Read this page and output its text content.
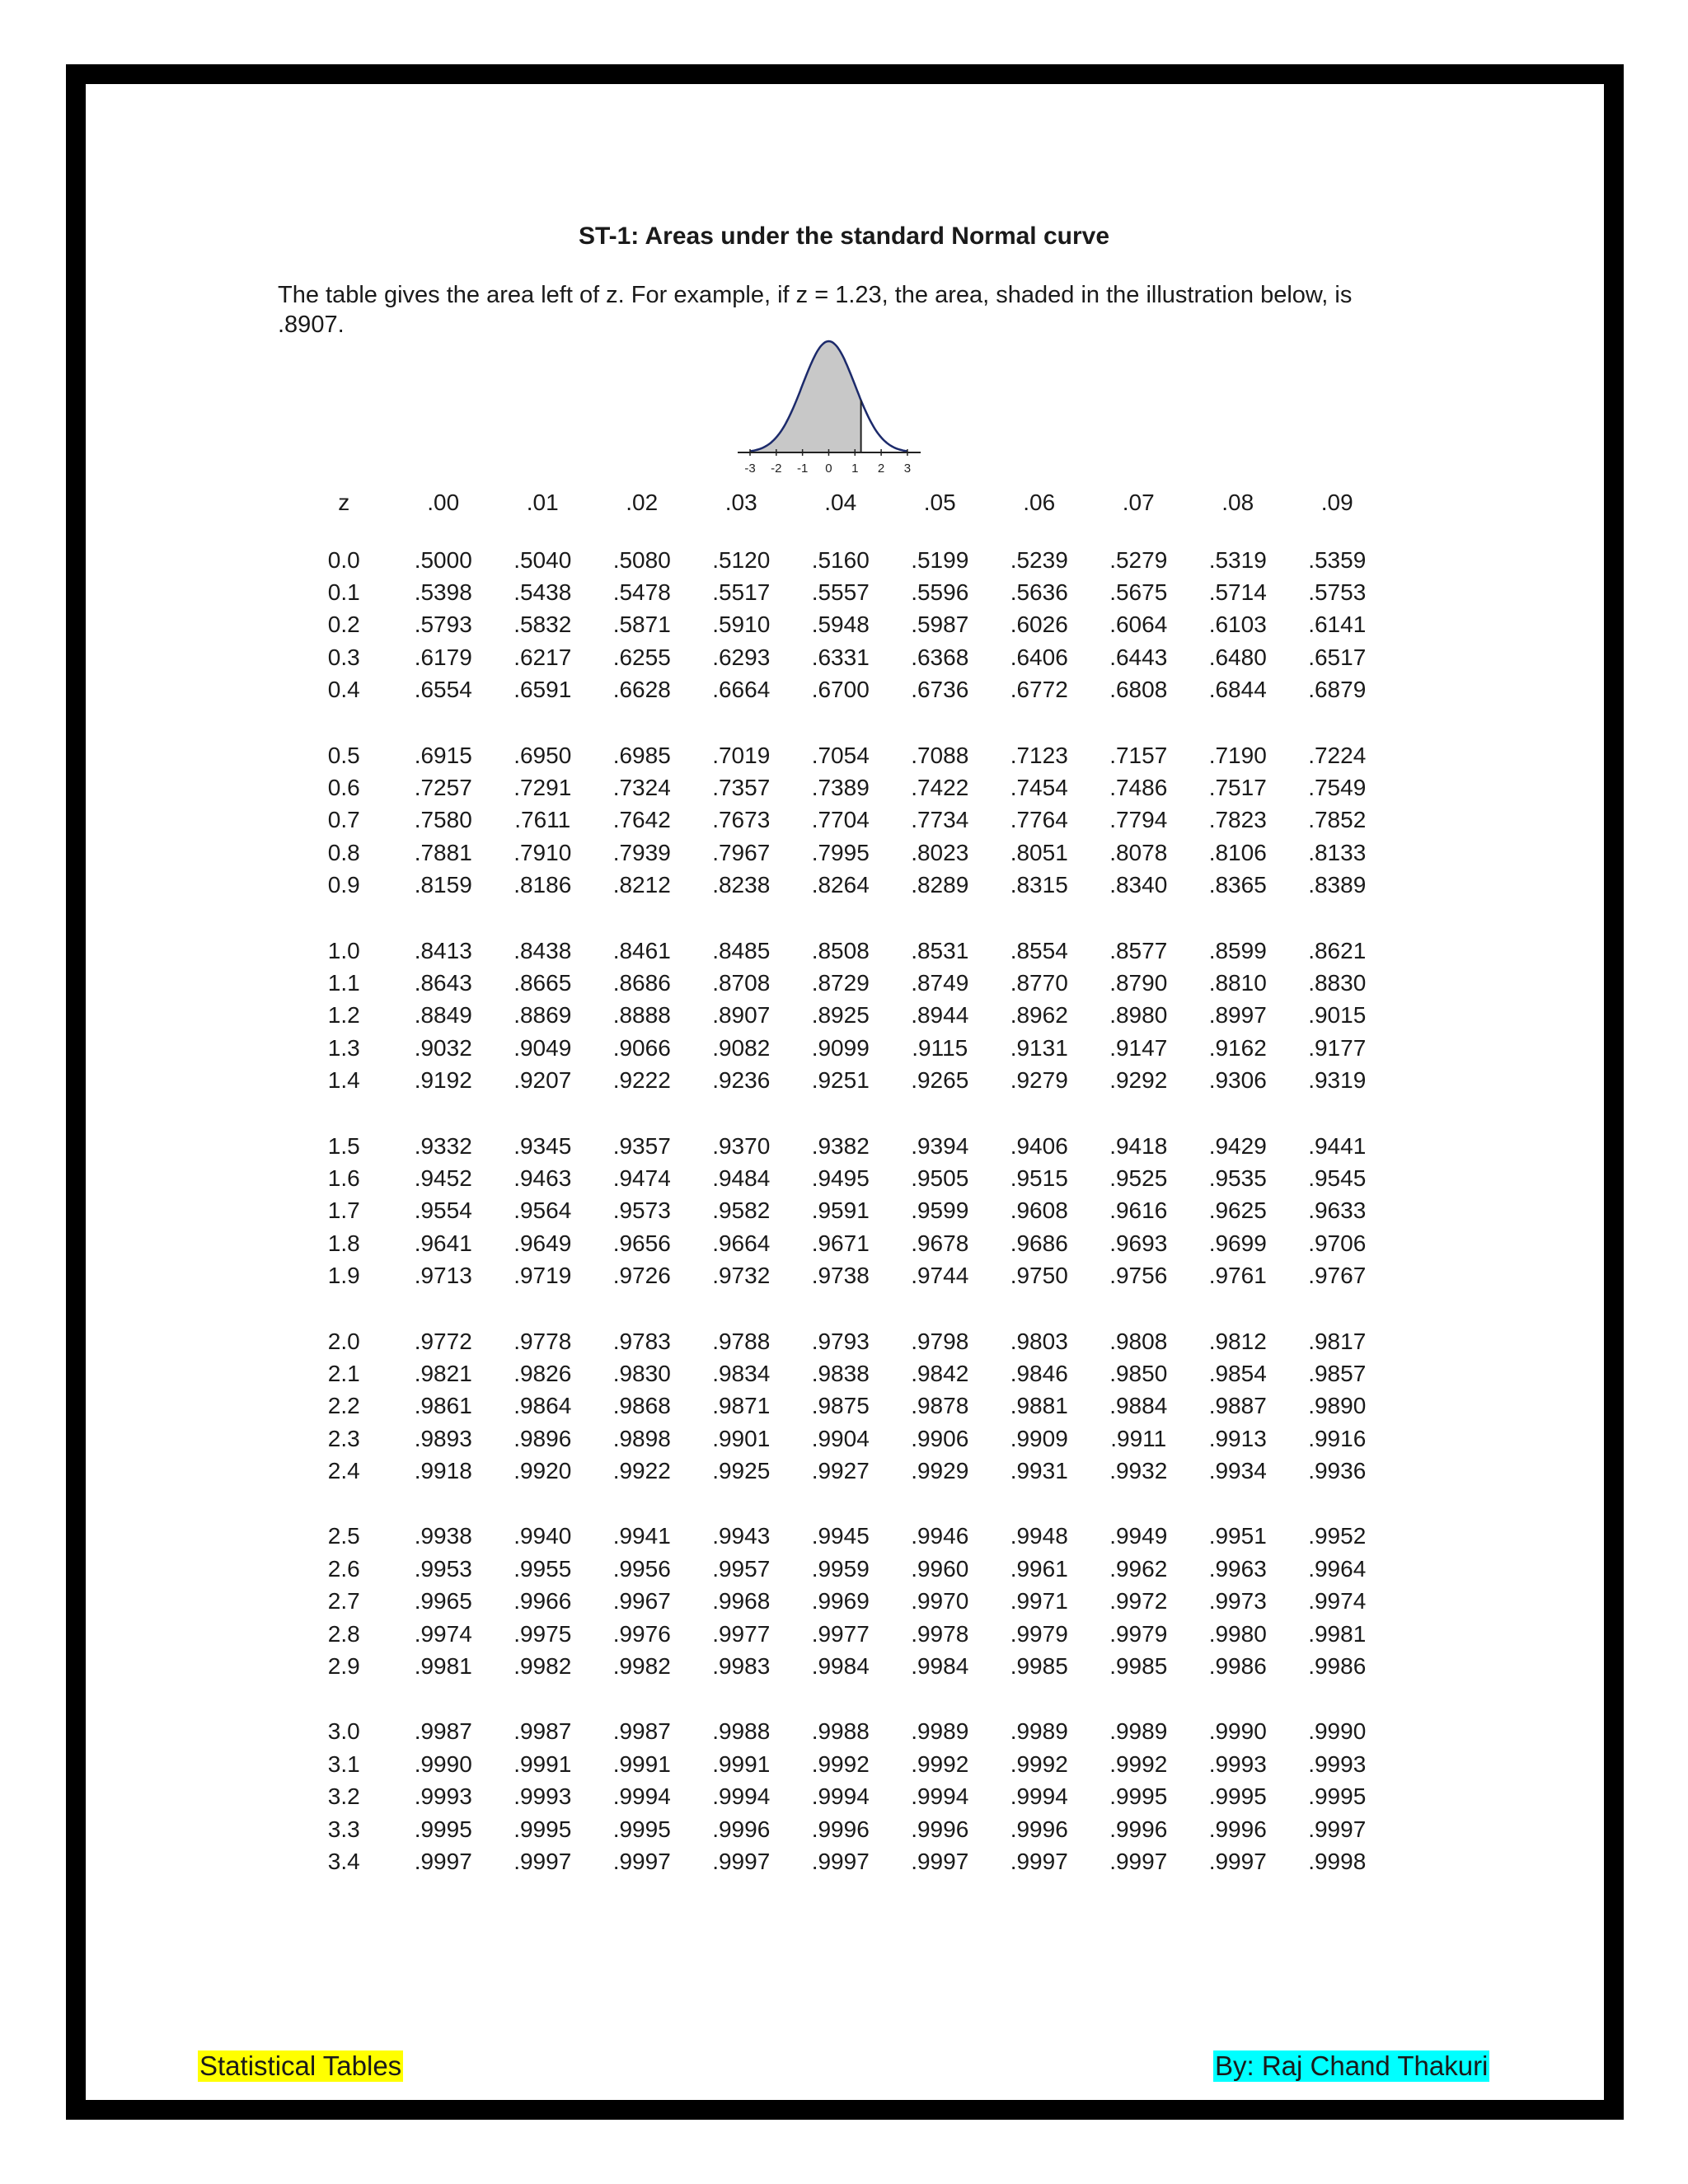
ST-1: Areas under the standard Normal curve
The table gives the area left of z. For example, if z = 1.23, the area, shaded in the illustration below, is .8907.
-3 -2 -1 0 1 2 3
z	.00	.01	.02	.03	.04	.05	.06	.07	.08	.09

0.0	.5000	.5040	.5080	.5120	.5160	.5199	.5239	.5279	.5319	.5359
0.1	.5398	.5438	.5478	.5517	.5557	.5596	.5636	.5675	.5714	.5753
0.2	.5793	.5832	.5871	.5910	.5948	.5987	.6026	.6064	.6103	.6141
0.3	.6179	.6217	.6255	.6293	.6331	.6368	.6406	.6443	.6480	.6517
0.4	.6554	.6591	.6628	.6664	.6700	.6736	.6772	.6808	.6844	.6879

0.5	.6915	.6950	.6985	.7019	.7054	.7088	.7123	.7157	.7190	.7224
0.6	.7257	.7291	.7324	.7357	.7389	.7422	.7454	.7486	.7517	.7549
0.7	.7580	.7611	.7642	.7673	.7704	.7734	.7764	.7794	.7823	.7852
0.8	.7881	.7910	.7939	.7967	.7995	.8023	.8051	.8078	.8106	.8133
0.9	.8159	.8186	.8212	.8238	.8264	.8289	.8315	.8340	.8365	.8389

1.0	.8413	.8438	.8461	.8485	.8508	.8531	.8554	.8577	.8599	.8621
1.1	.8643	.8665	.8686	.8708	.8729	.8749	.8770	.8790	.8810	.8830
1.2	.8849	.8869	.8888	.8907	.8925	.8944	.8962	.8980	.8997	.9015
1.3	.9032	.9049	.9066	.9082	.9099	.9115	.9131	.9147	.9162	.9177
1.4	.9192	.9207	.9222	.9236	.9251	.9265	.9279	.9292	.9306	.9319

1.5	.9332	.9345	.9357	.9370	.9382	.9394	.9406	.9418	.9429	.9441
1.6	.9452	.9463	.9474	.9484	.9495	.9505	.9515	.9525	.9535	.9545
1.7	.9554	.9564	.9573	.9582	.9591	.9599	.9608	.9616	.9625	.9633
1.8	.9641	.9649	.9656	.9664	.9671	.9678	.9686	.9693	.9699	.9706
1.9	.9713	.9719	.9726	.9732	.9738	.9744	.9750	.9756	.9761	.9767

2.0	.9772	.9778	.9783	.9788	.9793	.9798	.9803	.9808	.9812	.9817
2.1	.9821	.9826	.9830	.9834	.9838	.9842	.9846	.9850	.9854	.9857
2.2	.9861	.9864	.9868	.9871	.9875	.9878	.9881	.9884	.9887	.9890
2.3	.9893	.9896	.9898	.9901	.9904	.9906	.9909	.9911	.9913	.9916
2.4	.9918	.9920	.9922	.9925	.9927	.9929	.9931	.9932	.9934	.9936

2.5	.9938	.9940	.9941	.9943	.9945	.9946	.9948	.9949	.9951	.9952
2.6	.9953	.9955	.9956	.9957	.9959	.9960	.9961	.9962	.9963	.9964
2.7	.9965	.9966	.9967	.9968	.9969	.9970	.9971	.9972	.9973	.9974
2.8	.9974	.9975	.9976	.9977	.9977	.9978	.9979	.9979	.9980	.9981
2.9	.9981	.9982	.9982	.9983	.9984	.9984	.9985	.9985	.9986	.9986

3.0	.9987	.9987	.9987	.9988	.9988	.9989	.9989	.9989	.9990	.9990
3.1	.9990	.9991	.9991	.9991	.9992	.9992	.9992	.9992	.9993	.9993
3.2	.9993	.9993	.9994	.9994	.9994	.9994	.9994	.9995	.9995	.9995
3.3	.9995	.9995	.9995	.9996	.9996	.9996	.9996	.9996	.9996	.9997
3.4	.9997	.9997	.9997	.9997	.9997	.9997	.9997	.9997	.9997	.9998
Statistical Tables	By: Raj Chand Thakuri
